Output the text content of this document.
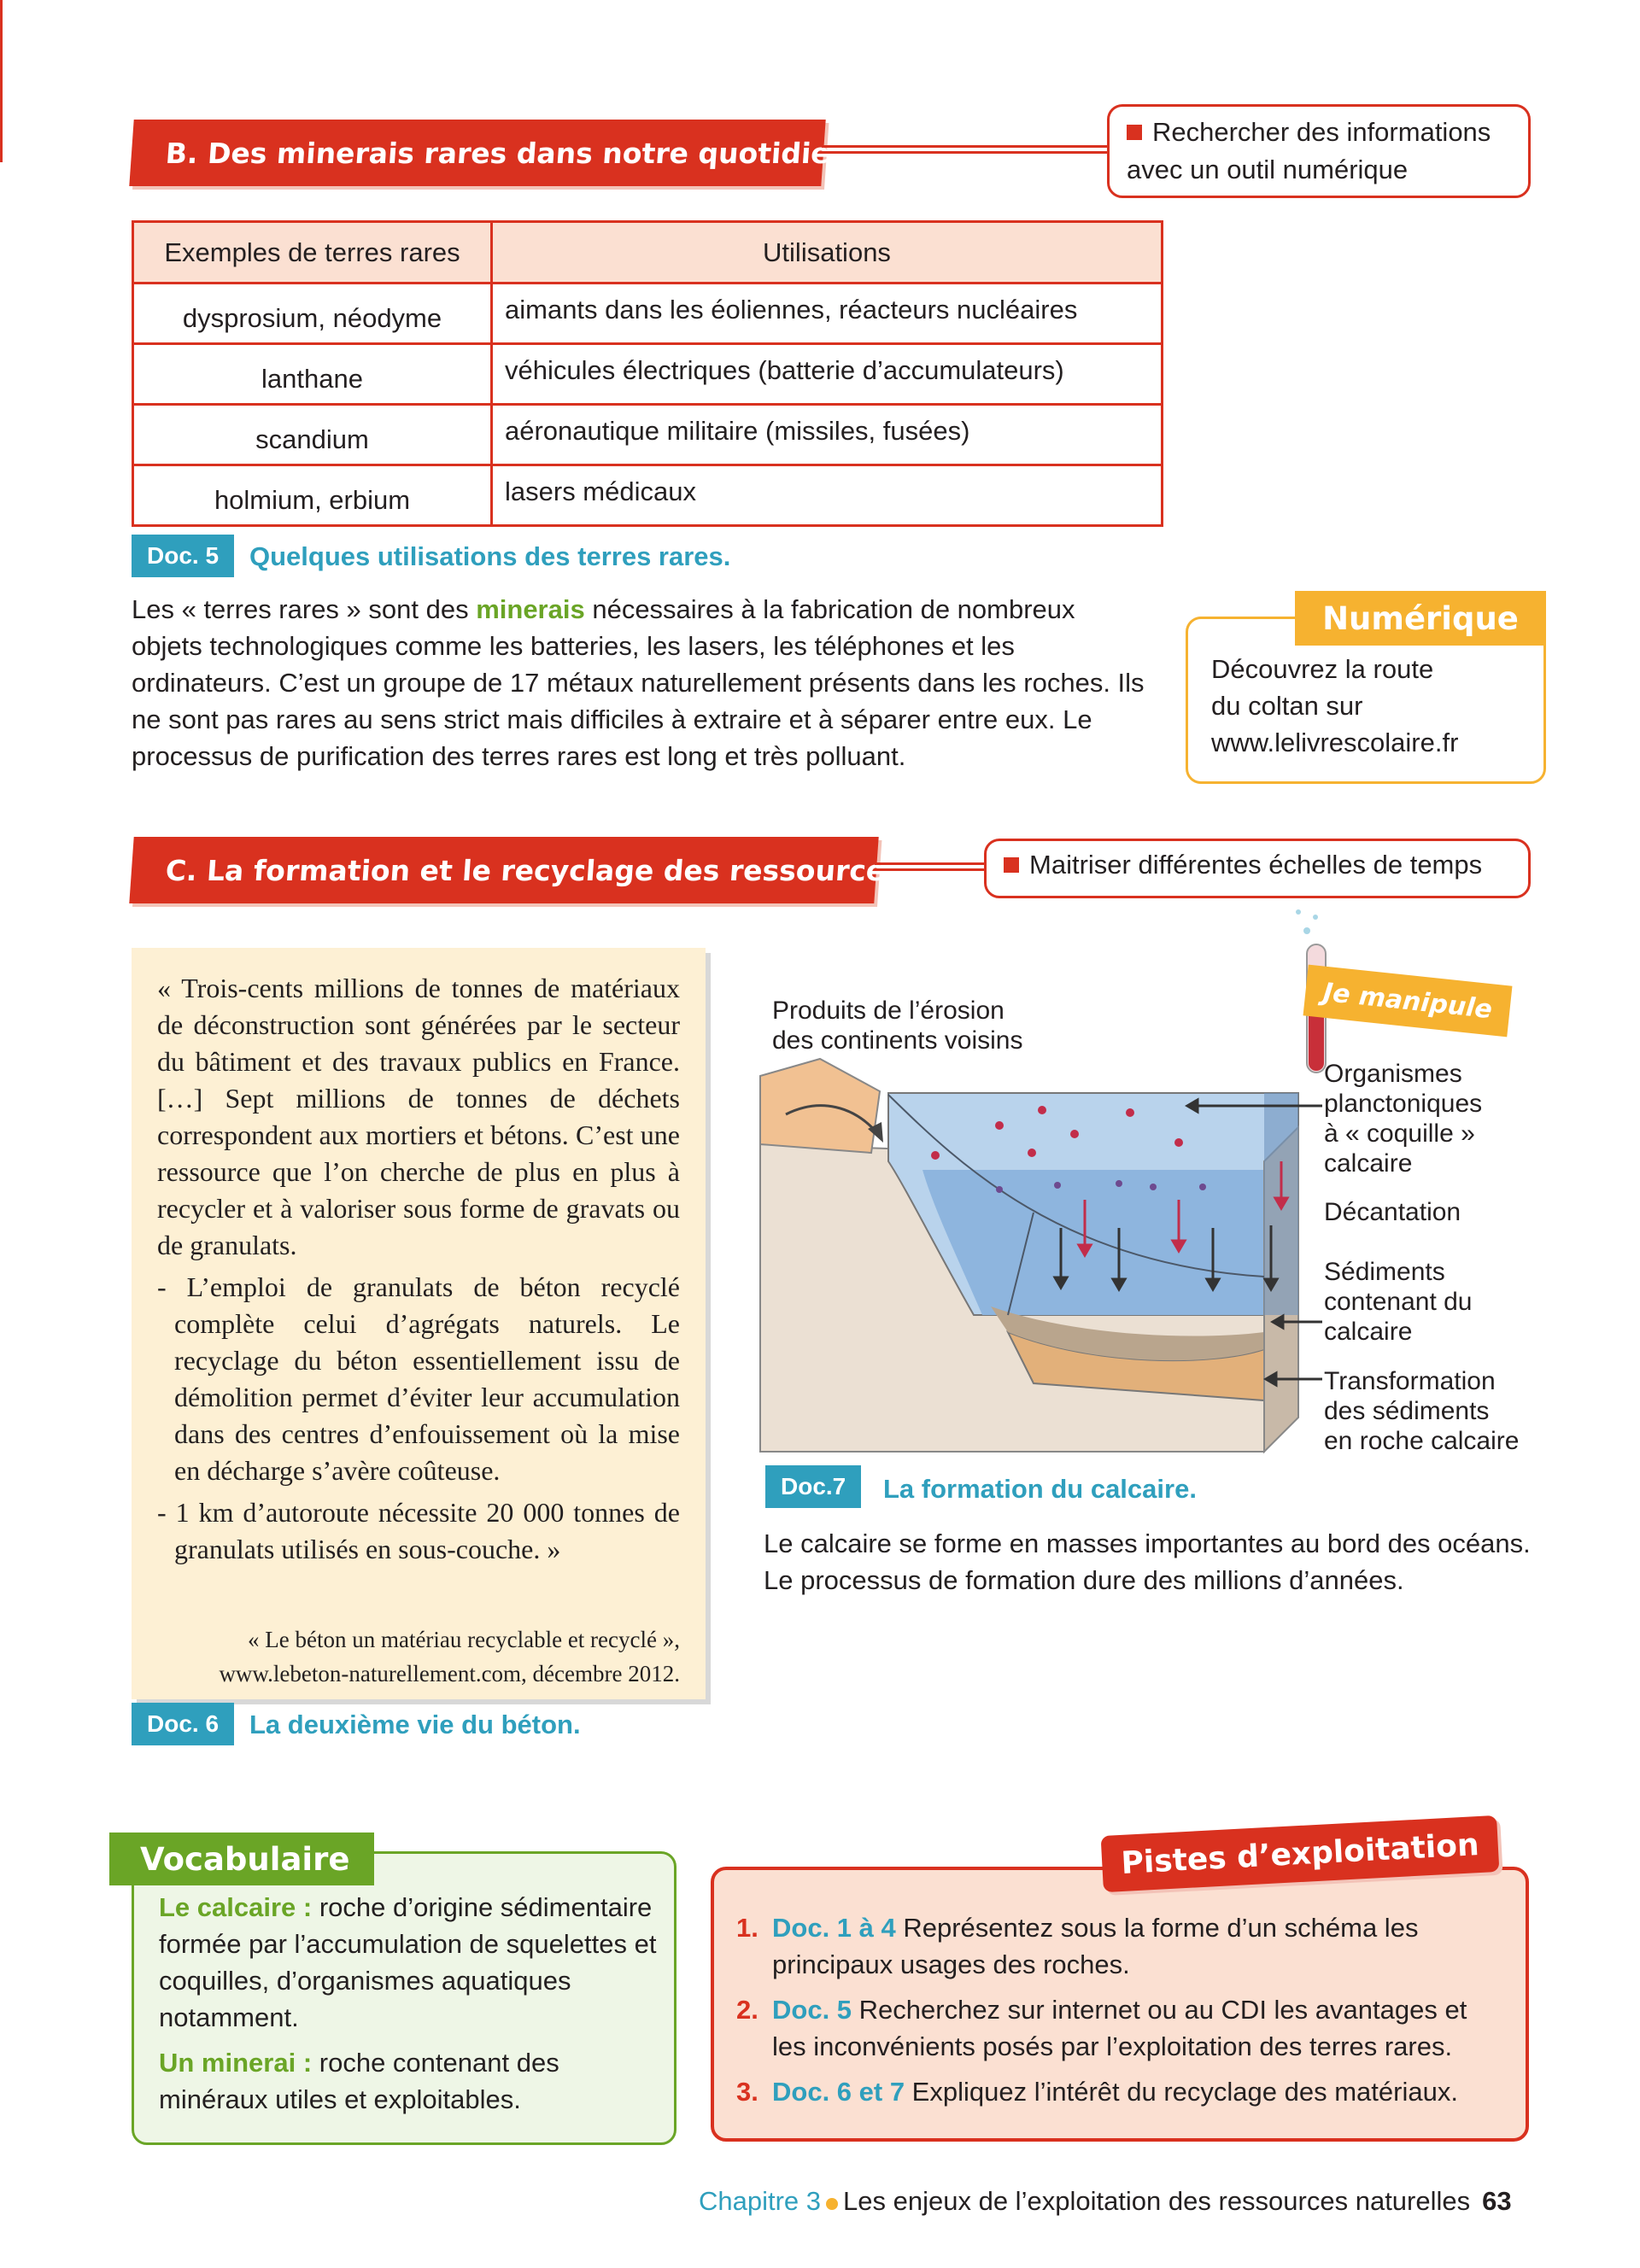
B. Des minerais rares dans notre quotidien
Rechercher des informations
avec un outil numérique
Exemples de terres rares	Utilisations
dysprosium, néodyme	aimants dans les éoliennes, réacteurs nucléaires
lanthane	véhicules électriques (batterie d’accumulateurs)
scandium	aéronautique militaire (missiles, fusées)
holmium, erbium	lasers médicaux
Doc. 5	Quelques utilisations des terres rares.
Les « terres rares » sont des minerais nécessaires à la fabrication de nombreux objets technologiques comme les batteries, les lasers, les téléphones et les ordinateurs. C’est un groupe de 17 métaux naturellement présents dans les roches. Ils ne sont pas rares au sens strict mais difficiles à extraire et à séparer entre eux. Le processus de purification des terres rares est long et très polluant.
Numérique
Découvrez la route
du coltan sur
www.lelivrescolaire.fr
C. La formation et le recyclage des ressources	Maitriser différentes échelles de temps

« Trois-cents millions de tonnes de matériaux de déconstruction sont générées par le secteur du bâtiment et des travaux publics en France. […] Sept millions de tonnes de déchets correspondent aux mortiers et bétons. C’est une ressource que l’on cherche de plus en plus à recycler et à valoriser sous forme de gravats ou de granulats.

- L’emploi de granulats de béton recyclé complète celui d’agrégats naturels. Le recyclage du béton essentiellement issu de démolition permet d’éviter leur accumulation dans des centres d’enfouissement où la mise en décharge s’avère coûteuse.

- 1 km d’autoroute nécessite 20 000 tonnes de granulats utilisés en sous-couche. »

« Le béton un matériau recyclable et recyclé »,
www.lebeton-naturellement.com, décembre 2012.
Doc. 6	La deuxième vie du béton.
Je manipule
Produits de l’érosion
des continents voisins
Organismes
planctoniques
à « coquille »
calcaire
Décantation
Sédiments
contenant du
calcaire
Transformation
des sédiments
en roche calcaire
Doc.7	La formation du calcaire.
Le calcaire se forme en masses importantes au bord des océans. Le processus de formation dure des millions d’années.
Vocabulaire

Le calcaire : roche d’origine sédimentaire formée par l’accumulation de squelettes et coquilles, d’organismes aquatiques notamment.

Un minerai : roche contenant des minéraux utiles et exploitables.

Pistes d’exploitation
1. Doc. 1 à 4 Représentez sous la forme d’un schéma les principaux usages des roches.
2. Doc. 5 Recherchez sur internet ou au CDI les avantages et les inconvénients posés par l’exploitation des terres rares.
3. Doc. 6 et 7 Expliquez l’intérêt du recyclage des matériaux.
Chapitre 3 Les enjeux de l’exploitation des ressources naturelles 63
